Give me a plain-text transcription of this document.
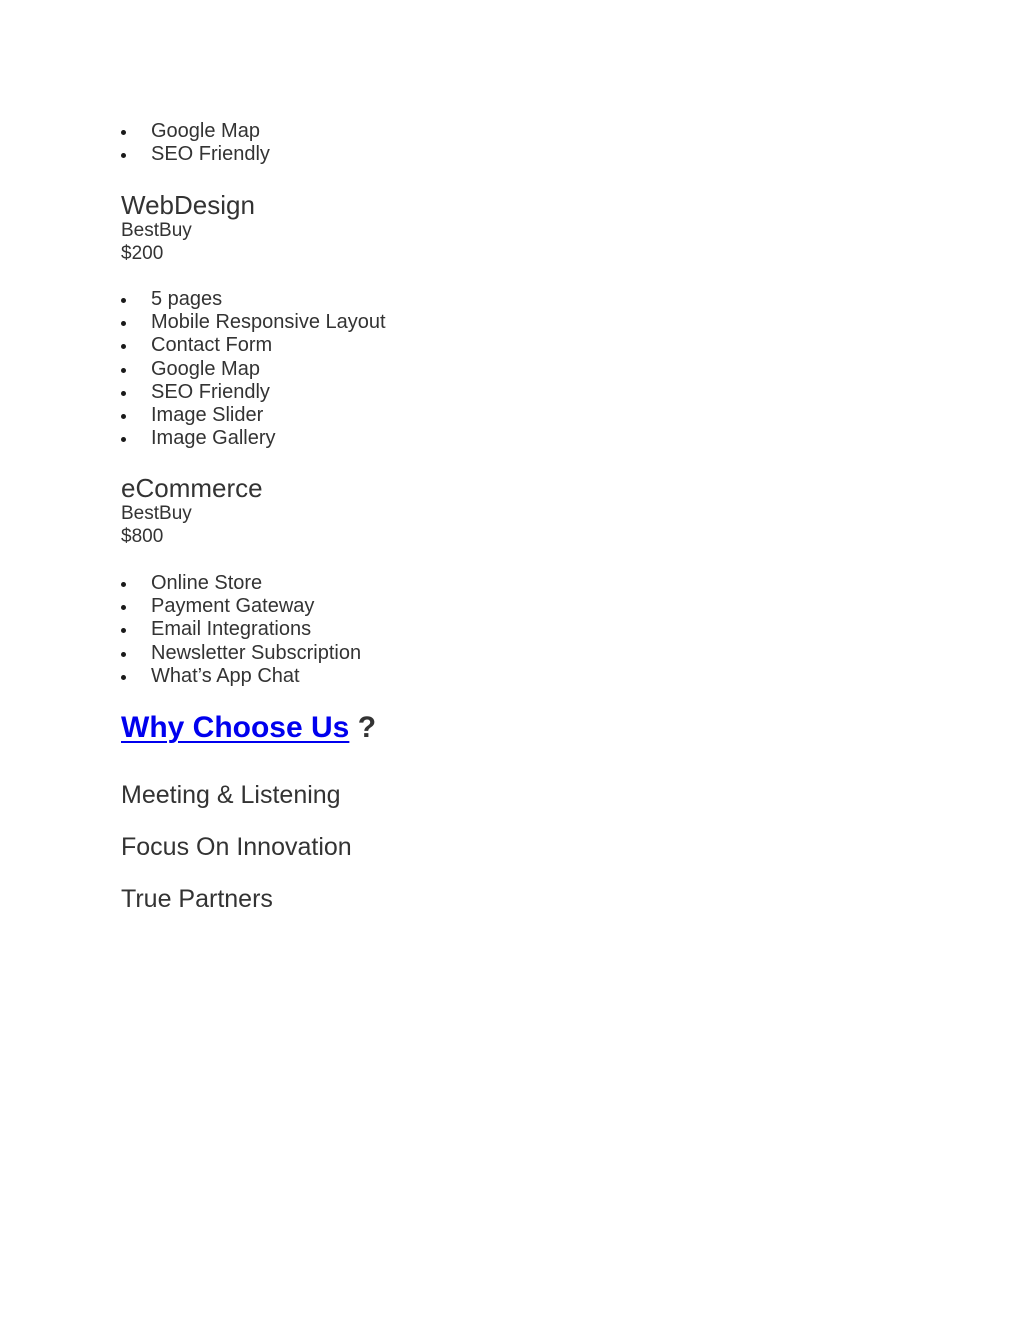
Google Map
SEO Friendly
WebDesign

BestBuy

$200

5 pages
Mobile Responsive Layout
Contact Form
Google Map
SEO Friendly
Image Slider
Image Gallery
eCommerce

BestBuy

$800

Online Store
Payment Gateway
Email Integrations
Newsletter Subscription
What’s App Chat
Why Choose Us ?
Meeting & Listening
Focus On Innovation
True Partners
